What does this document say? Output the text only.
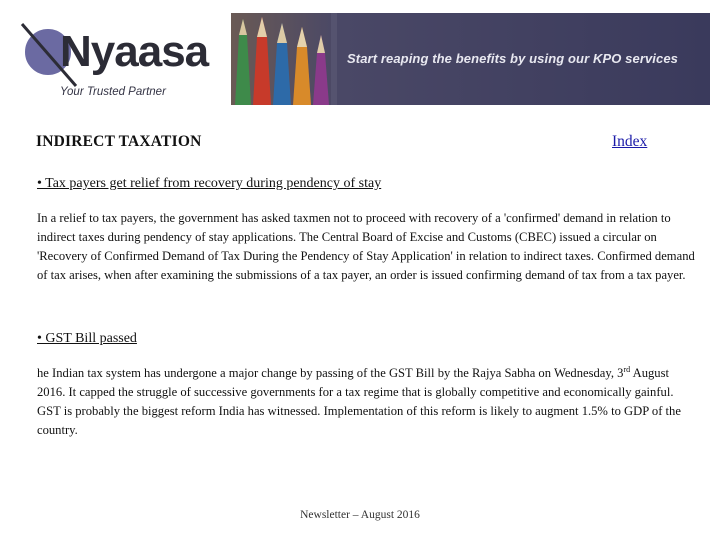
Nyaasa
Your Trusted Partner
Start reaping the benefits by using our KPO services
INDIRECT TAXATION	Index
• Tax payers get relief from recovery during pendency of stay

In a relief to tax payers, the government has asked taxmen not to proceed with recovery of a 'confirmed' demand in relation to indirect taxes during pendency of stay applications. The Central Board of Excise and Customs (CBEC) issued a circular on 'Recovery of Confirmed Demand of Tax During the Pendency of Stay Application' in relation to indirect taxes. Confirmed demand of tax arises, when after examining the submissions of a tax payer, an order is issued confirming demand of tax from a tax payer.

• GST Bill passed

he Indian tax system has undergone a major change by passing of the GST Bill by the Rajya Sabha on Wednesday, 3rd August 2016. It capped the struggle of successive governments for a tax regime that is globally competitive and economically gainful. GST is probably the biggest reform India has witnessed. Implementation of this reform is likely to augment 1.5% to GDP of the country.

Newsletter – August 2016
